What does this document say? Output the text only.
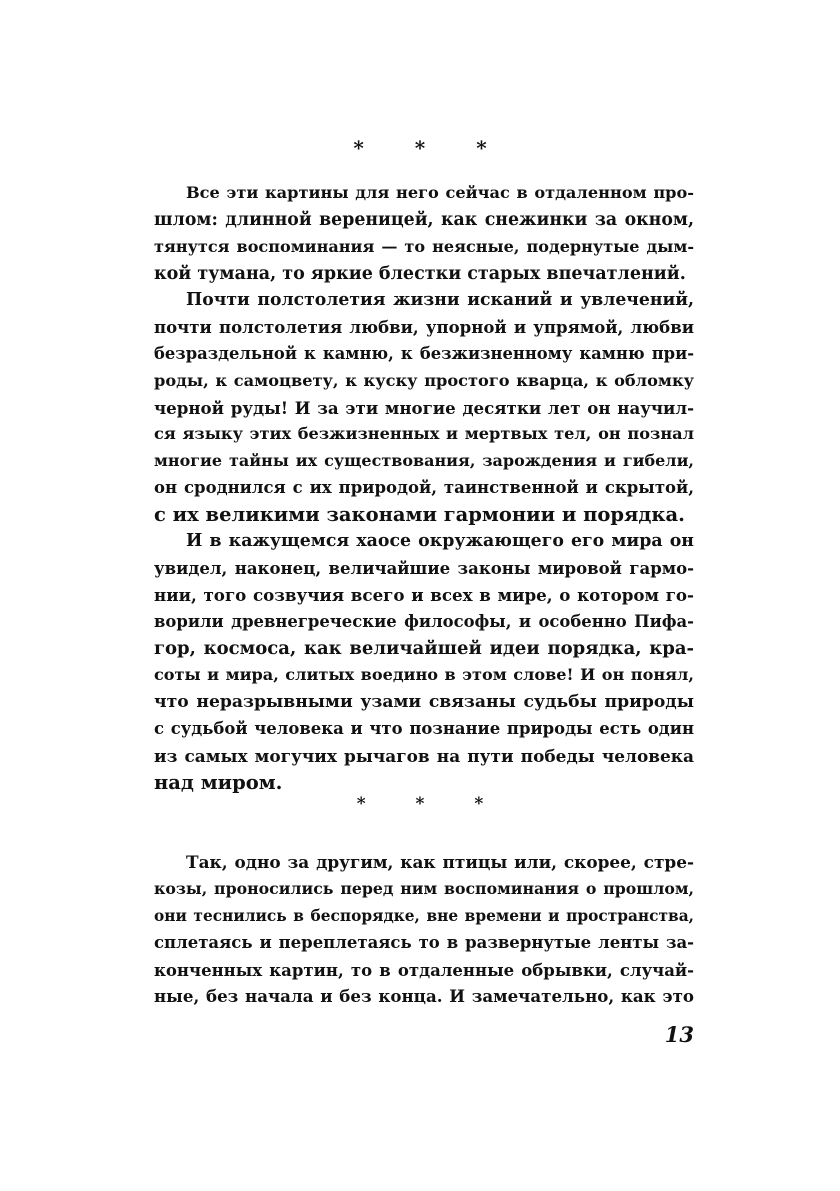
* * *
Все эти картины для него сейчас в отдаленном про-
шлом: длинной вереницей, как снежинки за окном,
тянутся воспоминания — то неясные, подернутые дым-
кой тумана, то яркие блестки старых впечатлений.
Почти полстолетия жизни исканий и увлечений,
почти полстолетия любви, упорной и упрямой, любви
безраздельной к камню, к безжизненному камню при-
роды, к самоцвету, к куску простого кварца, к обломку
черной руды! И за эти многие десятки лет он научил-
ся языку этих безжизненных и мертвых тел, он познал
многие тайны их существования, зарождения и гибели,
он сроднился с их природой, таинственной и скрытой,
с их великими законами гармонии и порядка.
И в кажущемся хаосе окружающего его мира он
увидел, наконец, величайшие законы мировой гармо-
нии, того созвучия всего и всех в мире, о котором го-
ворили древнегреческие философы, и особенно Пифа-
гор, космоса, как величайшей идеи порядка, кра-
соты и мира, слитых воедино в этом слове! И он понял,
что неразрывными узами связаны судьбы природы
с судьбой человека и что познание природы есть один
из самых могучих рычагов на пути победы человека
над миром.
* * *
Так, одно за другим, как птицы или, скорее, стре-
козы, проносились перед ним воспоминания о прошлом,
они теснились в беспорядке, вне времени и пространства,
сплетаясь и переплетаясь то в развернутые ленты за-
конченных картин, то в отдаленные обрывки, случай-
ные, без начала и без конца. И замечательно, как это
13
